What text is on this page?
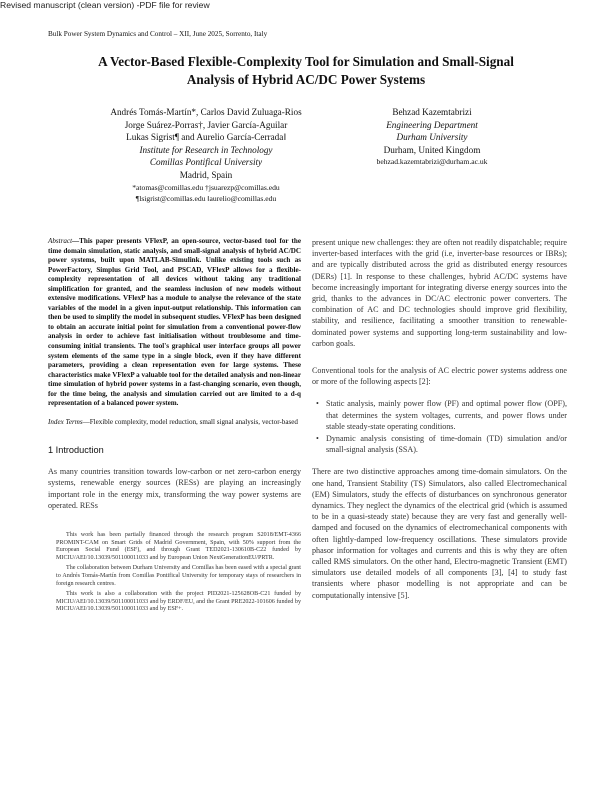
Revised manuscript (clean version) -PDF file for review
Bulk Power System Dynamics and Control – XII, June 2025, Sorrento, Italy
A Vector-Based Flexible-Complexity Tool for Simulation and Small-Signal
Analysis of Hybrid AC/DC Power Systems
Andrés Tomás-Martín*, Carlos David Zuluaga-Rios
Jorge Suárez-Porras†, Javier García-Aguilar
Lukas Sigrist¶ and Aurelio García-Cerrada‖
Institute for Research in Technology
Comillas Pontifical University
Madrid, Spain
*atomas@comillas.edu †jsuarezp@comillas.edu
¶lsigrist@comillas.edu ‖aurelio@comillas.edu
Behzad Kazemtabrizi
Engineering Department
Durham University
Durham, United Kingdom
behzad.kazemtabrizi@durham.ac.uk
Abstract—This paper presents VFlexP, an open-source, vector-based tool for the time domain simulation, static analysis, and small-signal analysis of hybrid AC/DC power systems, built upon MATLAB-Simulink. Unlike existing tools such as PowerFactory, Simplus Grid Tool, and PSCAD, VFlexP allows for a flexible-complexity representation of all devices without taking any traditional simplification for granted, and the seamless inclusion of new models without extensive modifications. VFlexP has a module to analyse the relevance of the state variables of the model in a given input-output relationship. This information can then be used to simplify the model in subsequent studies. VFlexP has been designed to obtain an accurate initial point for simulation from a conventional power-flow analysis in order to achieve fast initialisation without troublesome and time-consuming initial transients. The tool's graphical user interface groups all power system elements of the same type in a single block, even if they have different parameters, providing a clean representation even for large systems. These characteristics make VFlexP a valuable tool for the detailed analysis and non-linear time simulation of hybrid power systems in a fast-changing scenario, even though, for the time being, the analysis and simulation carried out are limited to a d-q representation of a balanced power system.
Index Terms—Flexible complexity, model reduction, small signal analysis, vector-based
1 Introduction

As many countries transition towards low-carbon or net zero-carbon energy systems, renewable energy sources (RESs) are playing an increasingly important role in the energy mix, transforming the way power systems are operated. RESs

This work has been partially financed through the research program S2018/EMT-4366 PROMINT-CAM on Smart Grids of Madrid Government, Spain, with 50% support from the European Social Fund (ESF), and through Grant TED2021-130610B-C22 funded by MICIU/AEI/10.13039/501100011033 and by European Union NextGenerationEU/PRTR.

The collaboration between Durham University and Comillas has been eased with a special grant to Andrés Tomás-Martín from Comillas Pontifical University for temporary stays of researchers in foreign research centres.

This work is also a collaboration with the project PID2021-125628OB-C21 funded by MICIU/AEI/10.13039/501100011033 and by ERDF/EU, and the Grant PRE2022-101606 funded by MICIU/AEI/10.13039/501100011033 and by ESF+.

present unique new challenges: they are often not readily dispatchable; require inverter-based interfaces with the grid (i.e, inverter-base resources or IBRs); and are typically distributed across the grid as distributed energy resources (DERs) [1]. In response to these challenges, hybrid AC/DC systems have become increasingly important for integrating diverse energy sources into the grid, thanks to the advances in DC/AC electronic power converters. The combination of AC and DC technologies should improve grid flexibility, stability, and resilience, facilitating a smoother transition to renewable-dominated power systems and supporting long-term sustainability and low-carbon goals.

Conventional tools for the analysis of AC electric power systems address one or more of the following aspects [2]:

• Static analysis, mainly power flow (PF) and optimal power flow (OPF), that determines the system voltages, currents, and power flows under stable steady-state operating conditions.
• Dynamic analysis consisting of time-domain (TD) simulation and/or small-signal analysis (SSA).

There are two distinctive approaches among time-domain simulators. On the one hand, Transient Stability (TS) Simulators, also called Electromechanical (EM) Simulators, study the effects of disturbances on synchronous generator dynamics. They neglect the dynamics of the electrical grid (which is assumed to be in a quasi-steady state) because they are very fast and generally well-damped and focused on the dynamics of electromechanical components with often lightly-damped low-frequency oscillations. These simulators provide phasor information for voltages and currents and this is why they are often called RMS simulators. On the other hand, Electro-magnetic Transient (EMT) simulators use detailed models of all components [3], [4] to study fast transients where phasor modelling is not appropriate and can be computationally intensive [5].
